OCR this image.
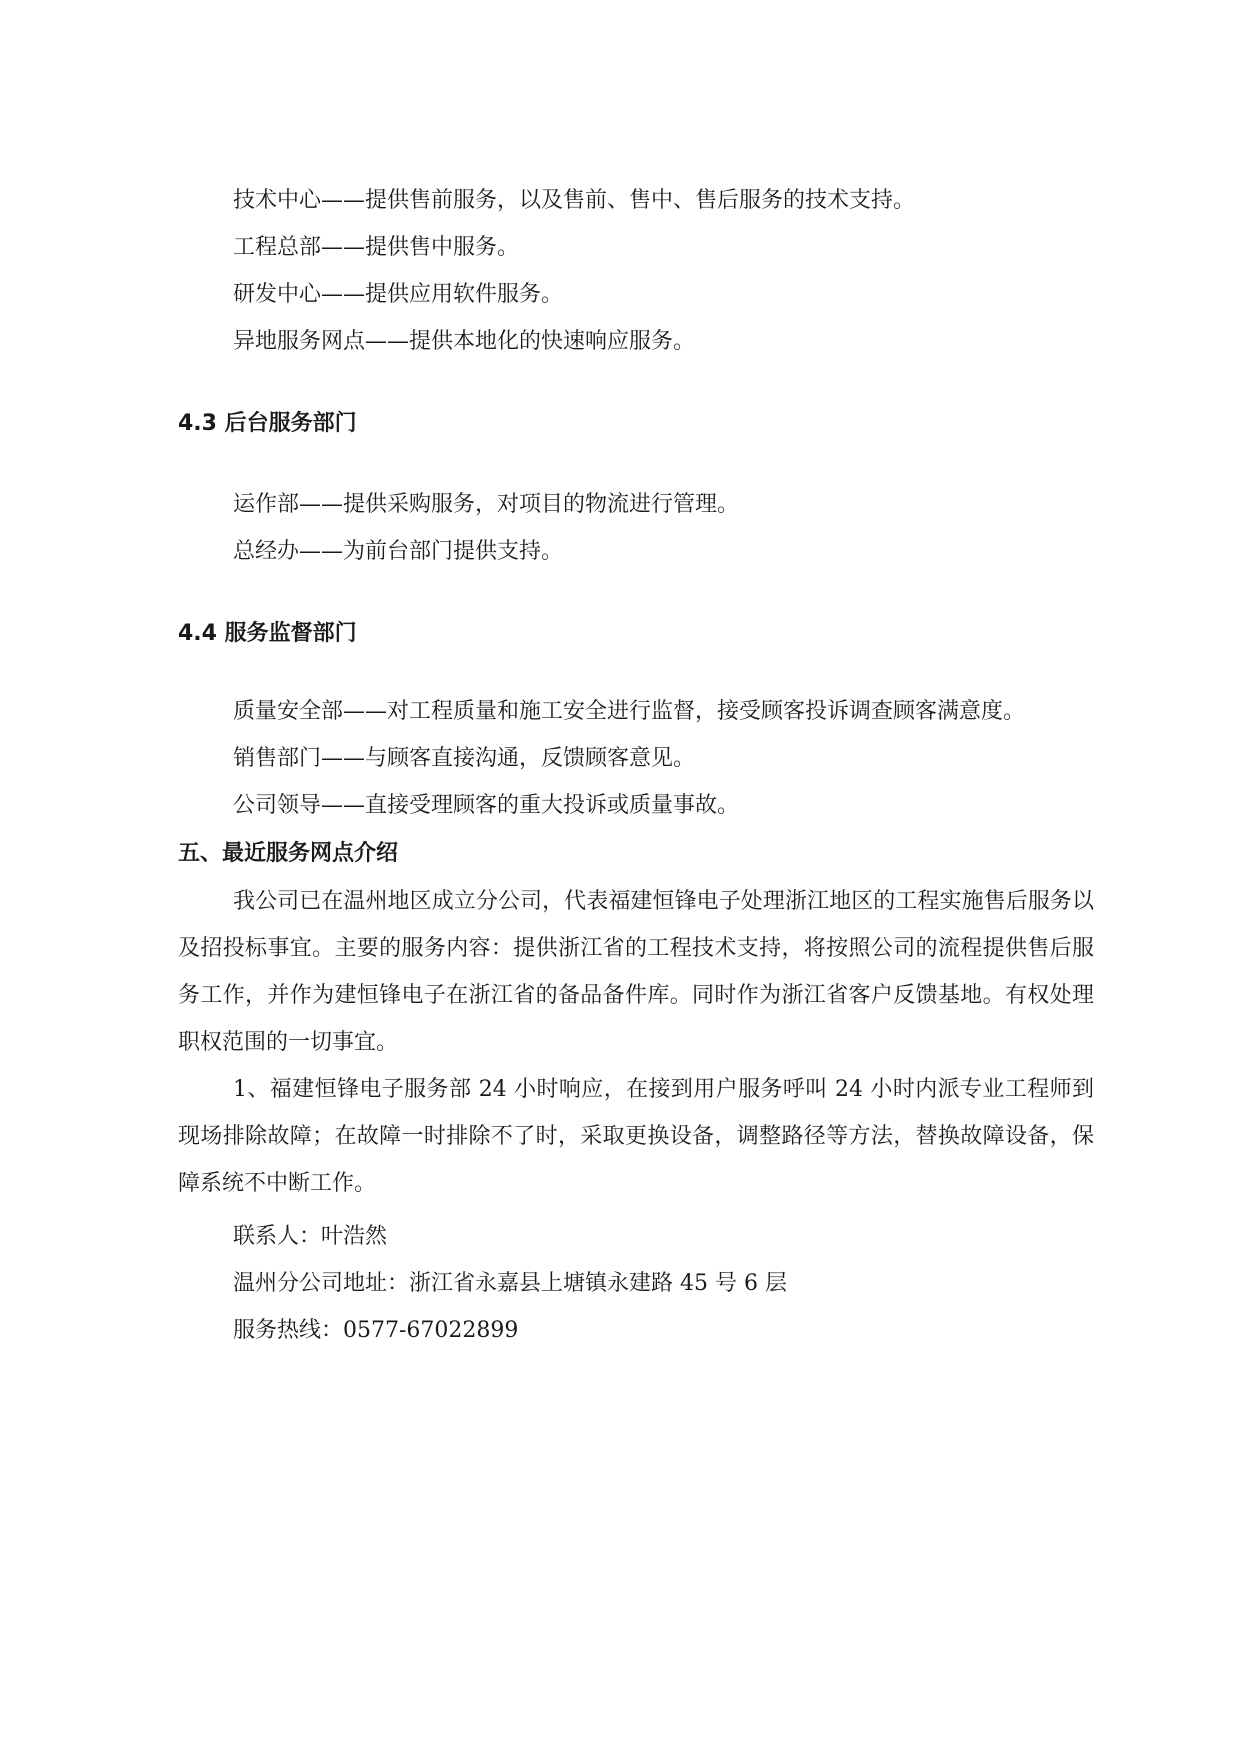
技术中心——提供售前服务，以及售前、售中、售后服务的技术支持。
工程总部——提供售中服务。
研发中心——提供应用软件服务。
异地服务网点——提供本地化的快速响应服务。
4.3 后台服务部门
运作部——提供采购服务，对项目的物流进行管理。
总经办——为前台部门提供支持。
4.4 服务监督部门
质量安全部——对工程质量和施工安全进行监督，接受顾客投诉调查顾客满意度。
销售部门——与顾客直接沟通，反馈顾客意见。
公司领导——直接受理顾客的重大投诉或质量事故。
五、最近服务网点介绍

我公司已在温州地区成立分公司，代表福建恒锋电子处理浙江地区的工程实施售后服务以及招投标事宜。主要的服务内容：提供浙江省的工程技术支持，将按照公司的流程提供售后服务工作，并作为建恒锋电子在浙江省的备品备件库。同时作为浙江省客户反馈基地。有权处理职权范围的一切事宜。

1、福建恒锋电子服务部 24 小时响应，在接到用户服务呼叫 24 小时内派专业工程师到现场排除故障；在故障一时排除不了时，采取更换设备，调整路径等方法，替换故障设备，保障系统不中断工作。

联系人：叶浩然
温州分公司地址：浙江省永嘉县上塘镇永建路 45 号 6 层
服务热线：0577-67022899
